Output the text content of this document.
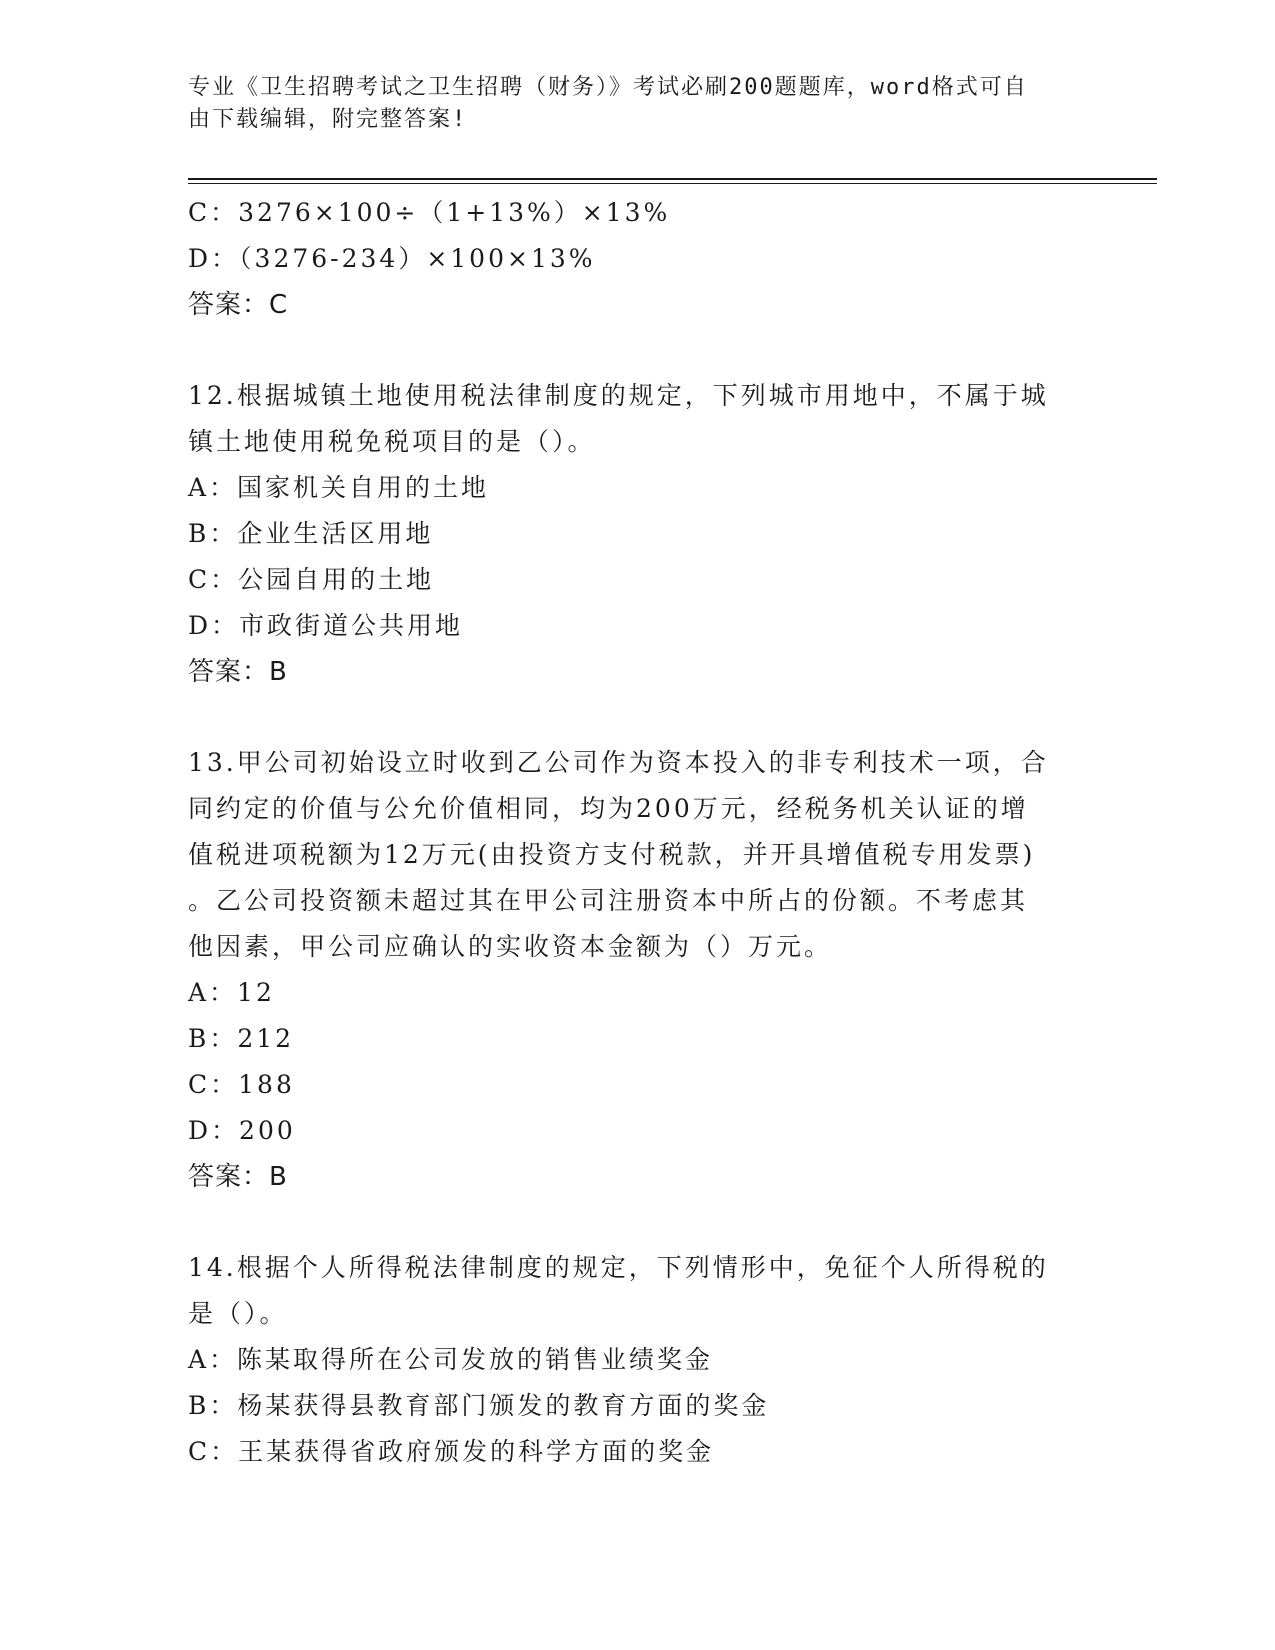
专业《卫生招聘考试之卫生招聘（财务）》考试必刷200题题库，word格式可自
由下载编辑，附完整答案!
C：3276×100÷（1+13%）×13%
D：（3276-234）×100×13%
答案：C
12.根据城镇土地使用税法律制度的规定，下列城市用地中，不属于城
镇土地使用税免税项目的是（）。
A：国家机关自用的土地
B：企业生活区用地
C：公园自用的土地
D：市政街道公共用地
答案：B
13.甲公司初始设立时收到乙公司作为资本投入的非专利技术一项，合
同约定的价值与公允价值相同，均为200万元，经税务机关认证的增
值税进项税额为12万元(由投资方支付税款，并开具增值税专用发票)
。乙公司投资额未超过其在甲公司注册资本中所占的份额。不考虑其
他因素，甲公司应确认的实收资本金额为（）万元。
A：12
B：212
C：188
D：200
答案：B
14.根据个人所得税法律制度的规定，下列情形中，免征个人所得税的
是（）。
A：陈某取得所在公司发放的销售业绩奖金
B：杨某获得县教育部门颁发的教育方面的奖金
C：王某获得省政府颁发的科学方面的奖金
